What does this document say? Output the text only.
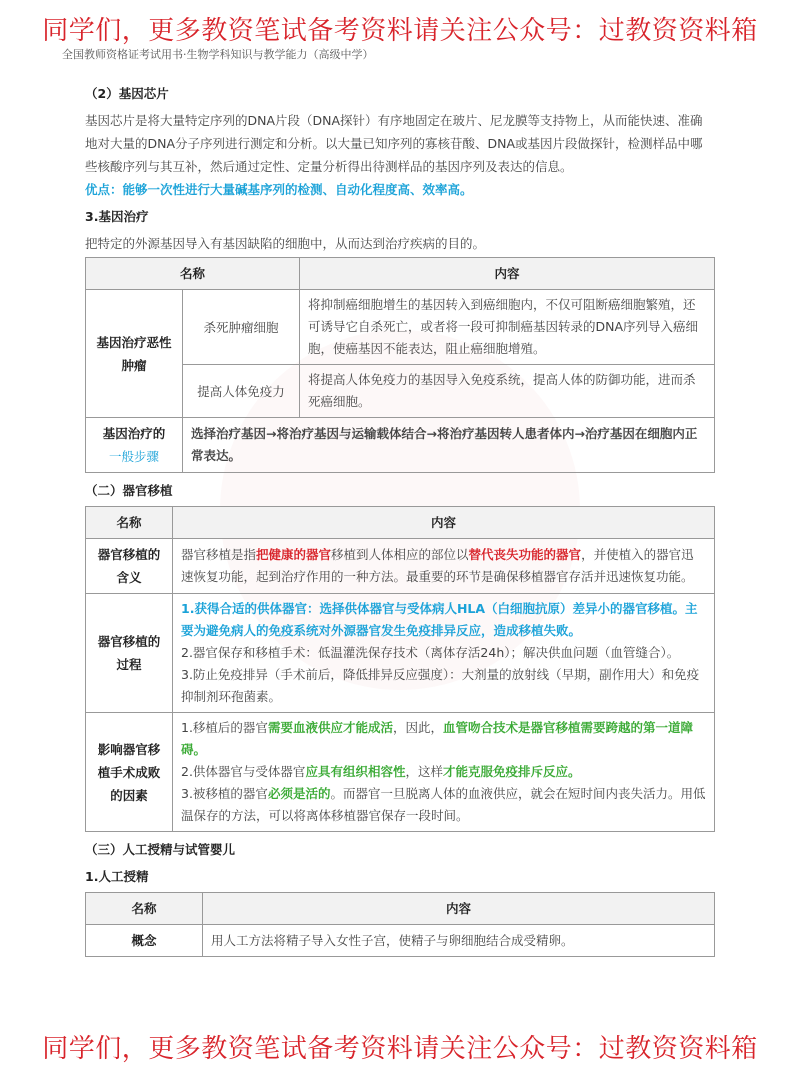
同学们，更多教资笔试备考资料请关注公众号：过教资资料箱
全国教师资格证考试用书·生物学科知识与教学能力（高级中学）
（2）基因芯片

基因芯片是将大量特定序列的DNA片段（DNA探针）有序地固定在玻片、尼龙膜等支持物上，从而能快速、准确地对大量的DNA分子序列进行测定和分析。以大量已知序列的寡核苷酸、DNA或基因片段做探针，检测样品中哪些核酸序列与其互补，然后通过定性、定量分析得出待测样品的基因序列及表达的信息。

优点：能够一次性进行大量碱基序列的检测、自动化程度高、效率高。

3.基因治疗

把特定的外源基因导入有基因缺陷的细胞中，从而达到治疗疾病的目的。

名称		内容
基因治疗恶性肿瘤	杀死肿瘤细胞	将抑制癌细胞增生的基因转入到癌细胞内，不仅可阻断癌细胞繁殖，还可诱导它自杀死亡，或者将一段可抑制癌基因转录的DNA序列导入癌细胞，使癌基因不能表达，阻止癌细胞增殖。
	提高人体免疫力	将提高人体免疫力的基因导入免疫系统，提高人体的防御功能，进而杀死癌细胞。

基因治疗的
一般步骤	选择治疗基因→将治疗基因与运输载体结合→将治疗基因转人患者体内→治疗基因在细胞内正常表达。	
（二）器官移植
名称	内容
器官移植的含义	器官移植是指把健康的器官移植到人体相应的部位以替代丧失功能的器官，并使植入的器官迅速恢复功能，起到治疗作用的一种方法。最重要的环节是确保移植器官存活并迅速恢复功能。
器官移植的过程	1.获得合适的供体器官：选择供体器官与受体病人HLA（白细胞抗原）差异小的器官移植。主要为避免病人的免疫系统对外源器官发生免疫排异反应，造成移植失败。
2.器官保存和移植手术：低温灌洗保存技术（离体存活24h）；解决供血问题（血管缝合）。
3.防止免疫排异（手术前后，降低排异反应强度）：大剂量的放射线（早期，副作用大）和免疫抑制剂环孢菌素。

影响器官移植手术成败的因素	1.移植后的器官需要血液供应才能成活，因此，血管吻合技术是器官移植需要跨越的第一道障碍。
2.供体器官与受体器官应具有组织相容性，这样才能克服免疫排斥反应。
3.被移植的器官必须是活的。而器官一旦脱离人体的血液供应，就会在短时间内丧失活力。用低温保存的方法，可以将离体移植器官保存一段时间。
（三）人工授精与试管婴儿
1.人工授精
名称	内容
概念	用人工方法将精子导入女性子宫，使精子与卵细胞结合成受精卵。
同学们，更多教资笔试备考资料请关注公众号：过教资资料箱
